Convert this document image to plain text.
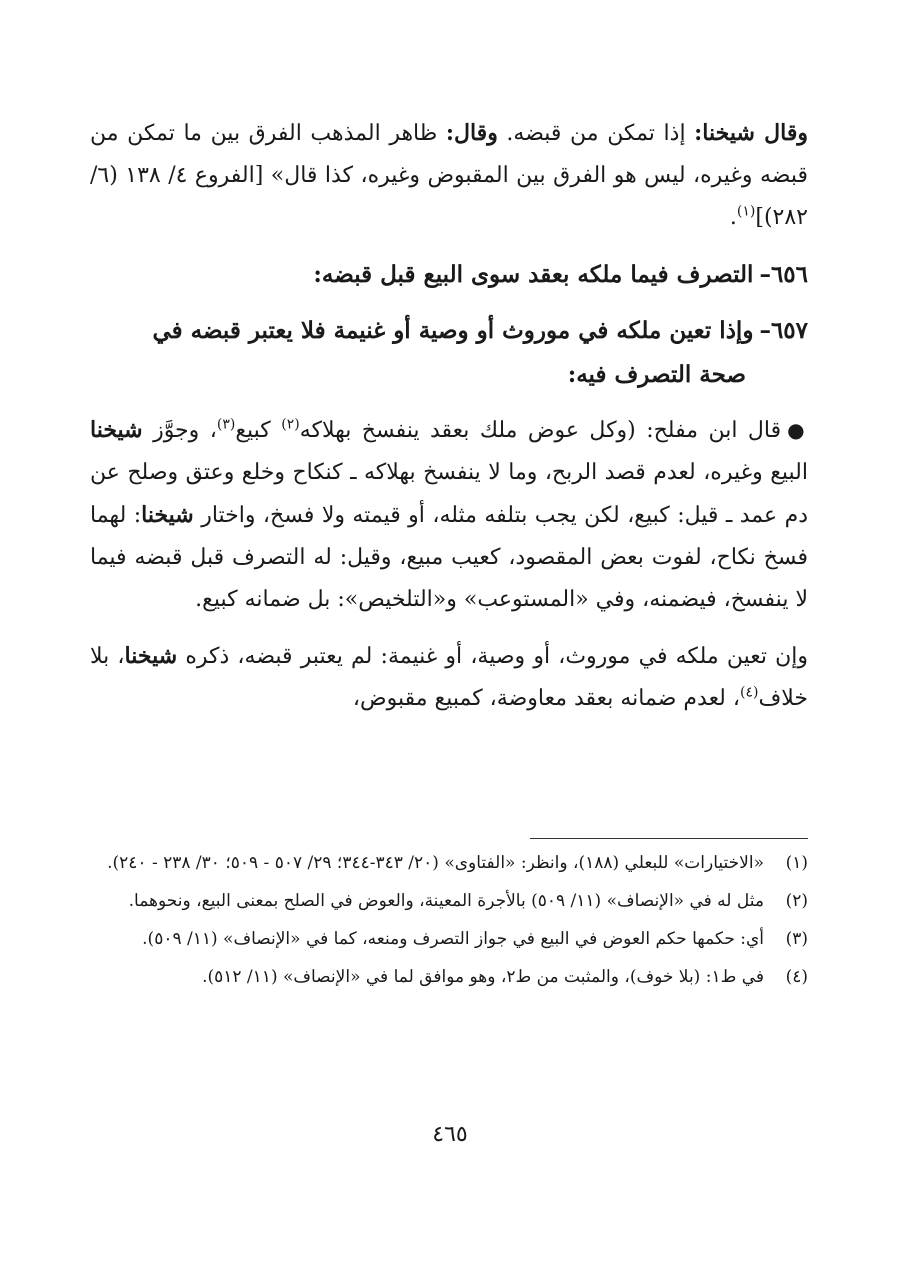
وقال شيخنا: إذا تمكن من قبضه. وقال: ظاهر المذهب الفرق بين ما تمكن من قبضه وغيره، ليس هو الفرق بين المقبوض وغيره، كذا قال» [الفروع ٤/ ١٣٨ (٦/ ٢٨٢)]$^{(١)}$.

٦٥٦–التصرف فيما ملكه بعقد سوى البيع قبل قبضه:

٦٥٧–وإذا تعين ملكه في موروث أو وصية أو غنيمة فلا يعتبر قبضه في
صحة التصرف فيه:

●قال ابن مفلح: (وكل عوض ملك بعقد ينفسخ بهلاكه$^{(٢)}$ كبيع$^{(٣)}$، وجوَّز شيخنا البيع وغيره، لعدم قصد الربح، وما لا ينفسخ بهلاكه ـ كنكاح وخلع وعتق وصلح عن دم عمد ـ قيل: كبيع، لكن يجب بتلفه مثله، أو قيمته ولا فسخ، واختار شيخنا: لهما فسخ نكاح، لفوت بعض المقصود، كعيب مبيع، وقيل: له التصرف قبل قبضه فيما لا ينفسخ، فيضمنه، وفي «المستوعب» و«التلخيص»: بل ضمانه كبيع.

وإن تعين ملكه في موروث، أو وصية، أو غنيمة: لم يعتبر قبضه، ذكره شيخنا، بلا خلاف$^{(٤)}$، لعدم ضمانه بعقد معاوضة، كمبيع مقبوض،

(١)
«الاختيارات» للبعلي (١٨٨)، وانظر: «الفتاوى» (٢٠/ ٣٤٣-٣٤٤؛ ٢٩/ ٥٠٧ - ٥٠٩؛ ٣٠/ ٢٣٨ - ٢٤٠).
(٢)
مثل له في «الإنصاف» (١١/ ٥٠٩) بالأجرة المعينة، والعوض في الصلح بمعنى البيع، ونحوهما.
(٣)
أي: حكمها حكم العوض في البيع في جواز التصرف ومنعه، كما في «الإنصاف» (١١/ ٥٠٩).
(٤)
في ط١: (بلا خوف)، والمثبت من ط٢، وهو موافق لما في «الإنصاف» (١١/ ٥١٢).
٤٦٥
